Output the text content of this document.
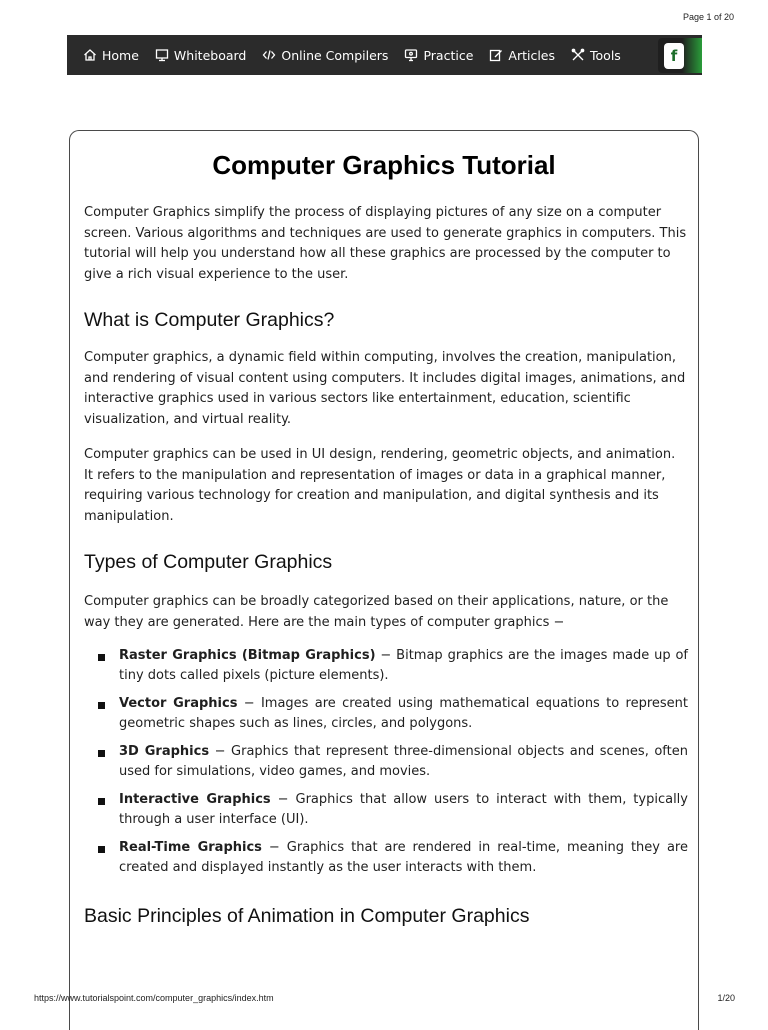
Page 1 of 20
Home	Whiteboard	Online Compilers	Practice	Articles	Tools	f
Computer Graphics Tutorial

Computer Graphics simplify the process of displaying pictures of any size on a computer screen. Various algorithms and techniques are used to generate graphics in computers. This tutorial will help you understand how all these graphics are processed by the computer to give a rich visual experience to the user.

What is Computer Graphics?

Computer graphics, a dynamic field within computing, involves the creation, manipulation, and rendering of visual content using computers. It includes digital images, animations, and interactive graphics used in various sectors like entertainment, education, scientific visualization, and virtual reality.

Computer graphics can be used in UI design, rendering, geometric objects, and animation. It refers to the manipulation and representation of images or data in a graphical manner, requiring various technology for creation and manipulation, and digital synthesis and its manipulation.

Types of Computer Graphics

Computer graphics can be broadly categorized based on their applications, nature, or the way they are generated. Here are the main types of computer graphics −

Raster Graphics (Bitmap Graphics) − Bitmap graphics are the images made up of tiny dots called pixels (picture elements).
Vector Graphics − Images are created using mathematical equations to represent geometric shapes such as lines, circles, and polygons.
3D Graphics − Graphics that represent three-dimensional objects and scenes, often used for simulations, video games, and movies.
Interactive Graphics − Graphics that allow users to interact with them, typically through a user interface (UI).
Real-Time Graphics − Graphics that are rendered in real-time, meaning they are created and displayed instantly as the user interacts with them.
Basic Principles of Animation in Computer Graphics
https://www.tutorialspoint.com/computer_graphics/index.htm	1/20
